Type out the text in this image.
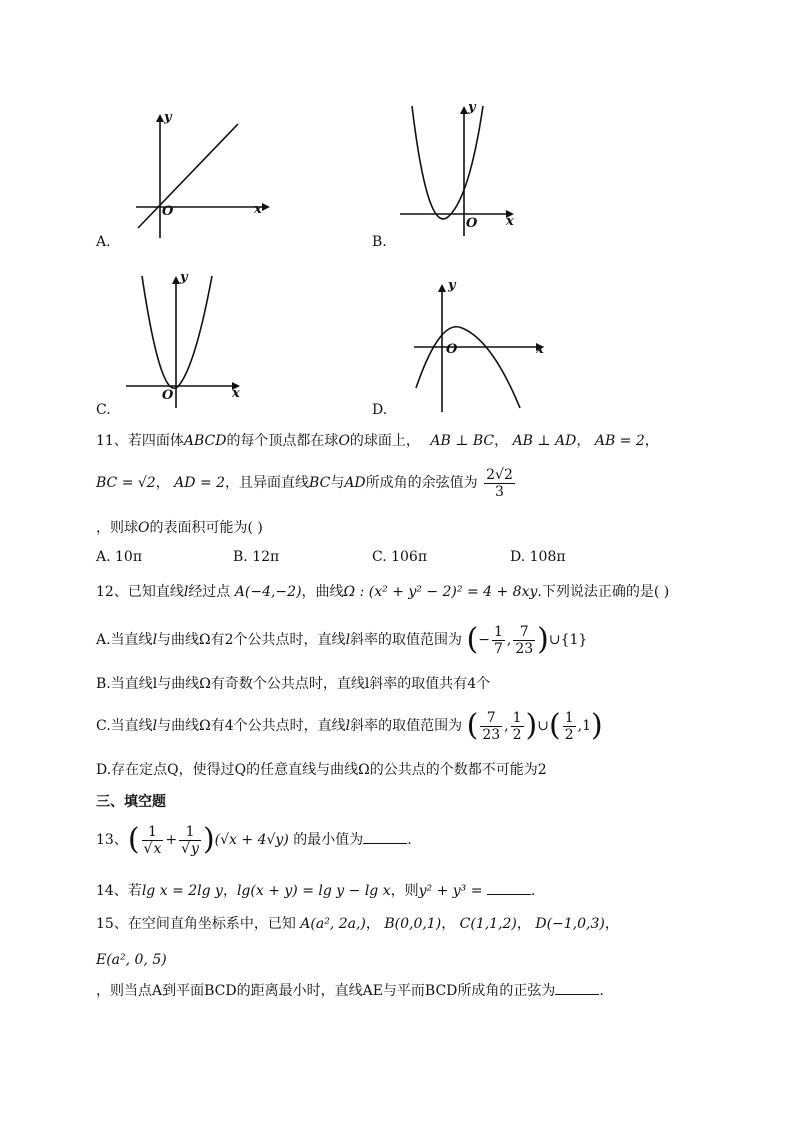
y
x
O
A.
y
x
O
B.
y
x
O
C.
y
x
O
D.
11、若四面体ABCD的每个顶点都在球O的球面上， AB ⊥ BC， AB ⊥ AD， AB = 2，
BC = √2， AD = 2，且异面直线BC与AD所成角的余弦值为 $\frac{2√2}{3}$
，则球O的表面积可能为( )
A. 10π	B. 12π	C. 106π	D. 108π
12、已知直线l经过点 A(−4,−2)，曲线Ω : (x² + y² − 2)² = 4 + 8xy.下列说法正确的是( )
A.当直线l与曲线Ω有2个公共点时，直线l斜率的取值范围为 (− $\frac{1}{7}$ , $\frac{7}{23}$ )∪{1}
B.当直线l与曲线Ω有奇数个公共点时，直线l斜率的取值共有4个
C.当直线l与曲线Ω有4个公共点时，直线l斜率的取值范围为 ( $\frac{7}{23}$ , $\frac{1}{2}$ )∪( $\frac{1}{2} ,1$)
D.存在定点Q，使得过Q的任意直线与曲线Ω的公共点的个数都不可能为2
三、填空题
13、( $\frac{1}{√x} + \frac{1}{√y} )(√x + 4√y)$ 的最小值为	.
14、若lg x = 2lg y，lg(x + y) = lg y − lg x，则y² + y³ =	.
15、在空间直角坐标系中，已知 A(a², 2a,)， B(0,0,1)， C(1,1,2)， D(−1,0,3)，
E(a², 0, 5)
，则当点A到平面BCD的距离最小时，直线AE与平而BCD所成角的正弦为	.
